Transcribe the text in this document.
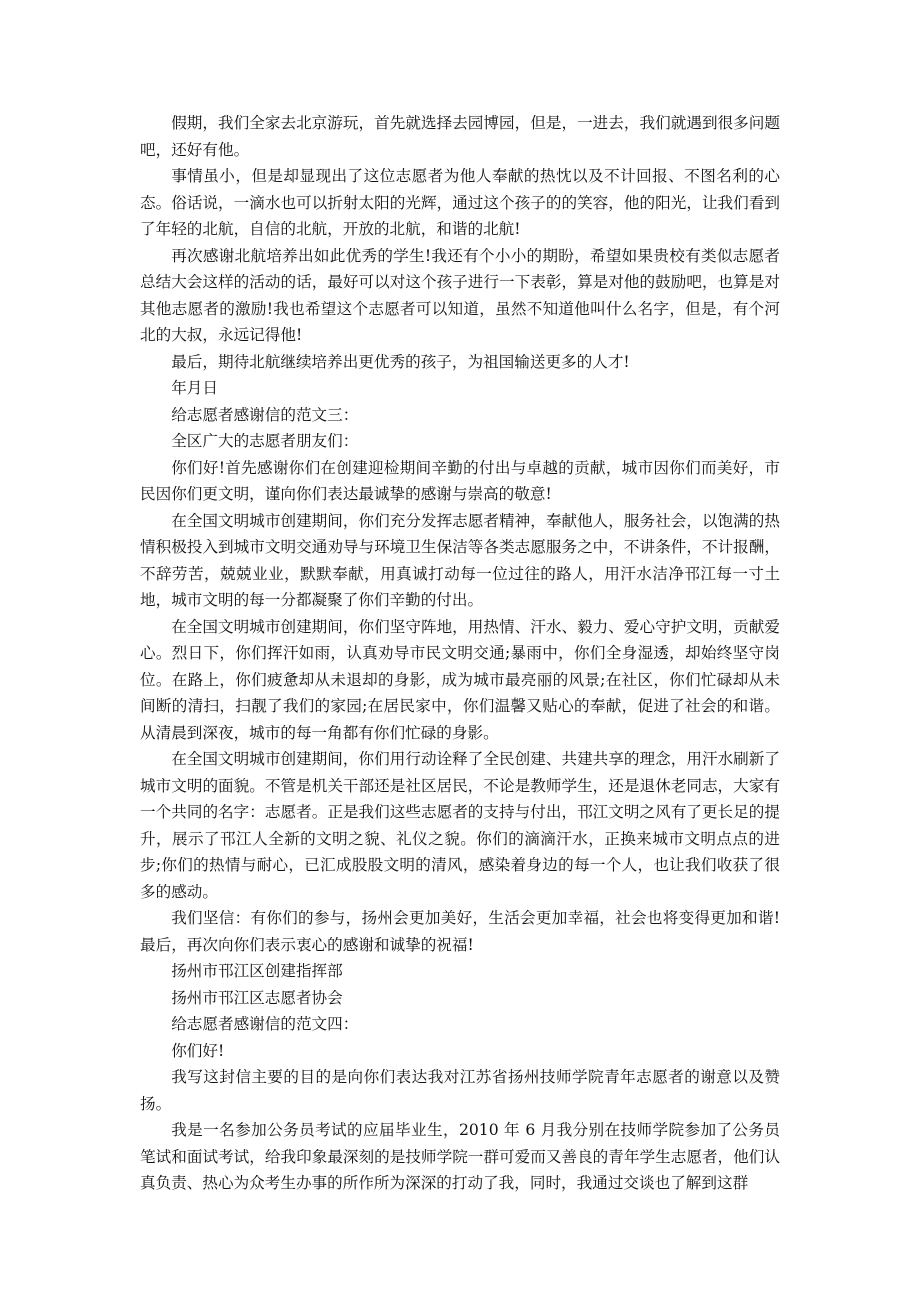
假期，我们全家去北京游玩，首先就选择去园博园，但是，一进去，我们就遇到很多问题吧，还好有他。

事情虽小，但是却显现出了这位志愿者为他人奉献的热忱以及不计回报、不图名利的心态。俗话说，一滴水也可以折射太阳的光辉，通过这个孩子的的笑容，他的阳光，让我们看到了年轻的北航，自信的北航，开放的北航，和谐的北航!

再次感谢北航培养出如此优秀的学生!我还有个小小的期盼，希望如果贵校有类似志愿者总结大会这样的活动的话，最好可以对这个孩子进行一下表彰，算是对他的鼓励吧，也算是对其他志愿者的激励!我也希望这个志愿者可以知道，虽然不知道他叫什么名字，但是，有个河北的大叔，永远记得他!

最后，期待北航继续培养出更优秀的孩子，为祖国输送更多的人才!

年月日

给志愿者感谢信的范文三：

全区广大的志愿者朋友们：

你们好!首先感谢你们在创建迎检期间辛勤的付出与卓越的贡献，城市因你们而美好，市民因你们更文明，谨向你们表达最诚挚的感谢与崇高的敬意!

在全国文明城市创建期间，你们充分发挥志愿者精神，奉献他人，服务社会，以饱满的热情积极投入到城市文明交通劝导与环境卫生保洁等各类志愿服务之中，不讲条件，不计报酬，不辞劳苦，兢兢业业，默默奉献，用真诚打动每一位过往的路人，用汗水洁净邗江每一寸土地，城市文明的每一分都凝聚了你们辛勤的付出。

在全国文明城市创建期间，你们坚守阵地，用热情、汗水、毅力、爱心守护文明，贡献爱心。烈日下，你们挥汗如雨，认真劝导市民文明交通;暴雨中，你们全身湿透，却始终坚守岗位。在路上，你们疲惫却从未退却的身影，成为城市最亮丽的风景;在社区，你们忙碌却从未间断的清扫，扫靓了我们的家园;在居民家中，你们温馨又贴心的奉献，促进了社会的和谐。从清晨到深夜，城市的每一角都有你们忙碌的身影。

在全国文明城市创建期间，你们用行动诠释了全民创建、共建共享的理念，用汗水刷新了城市文明的面貌。不管是机关干部还是社区居民，不论是教师学生，还是退休老同志，大家有一个共同的名字：志愿者。正是我们这些志愿者的支持与付出，邗江文明之风有了更长足的提升，展示了邗江人全新的文明之貌、礼仪之貌。你们的滴滴汗水，正换来城市文明点点的进步;你们的热情与耐心，已汇成股股文明的清风，感染着身边的每一个人，也让我们收获了很多的感动。

我们坚信：有你们的参与，扬州会更加美好，生活会更加幸福，社会也将变得更加和谐!最后，再次向你们表示衷心的感谢和诚挚的祝福!

扬州市邗江区创建指挥部

扬州市邗江区志愿者协会

给志愿者感谢信的范文四：

你们好!

我写这封信主要的目的是向你们表达我对江苏省扬州技师学院青年志愿者的谢意以及赞扬。

我是一名参加公务员考试的应届毕业生，2010 年 6 月我分别在技师学院参加了公务员笔试和面试考试，给我印象最深刻的是技师学院一群可爱而又善良的青年学生志愿者，他们认真负责、热心为众考生办事的所作所为深深的打动了我，同时，我通过交谈也了解到这群
